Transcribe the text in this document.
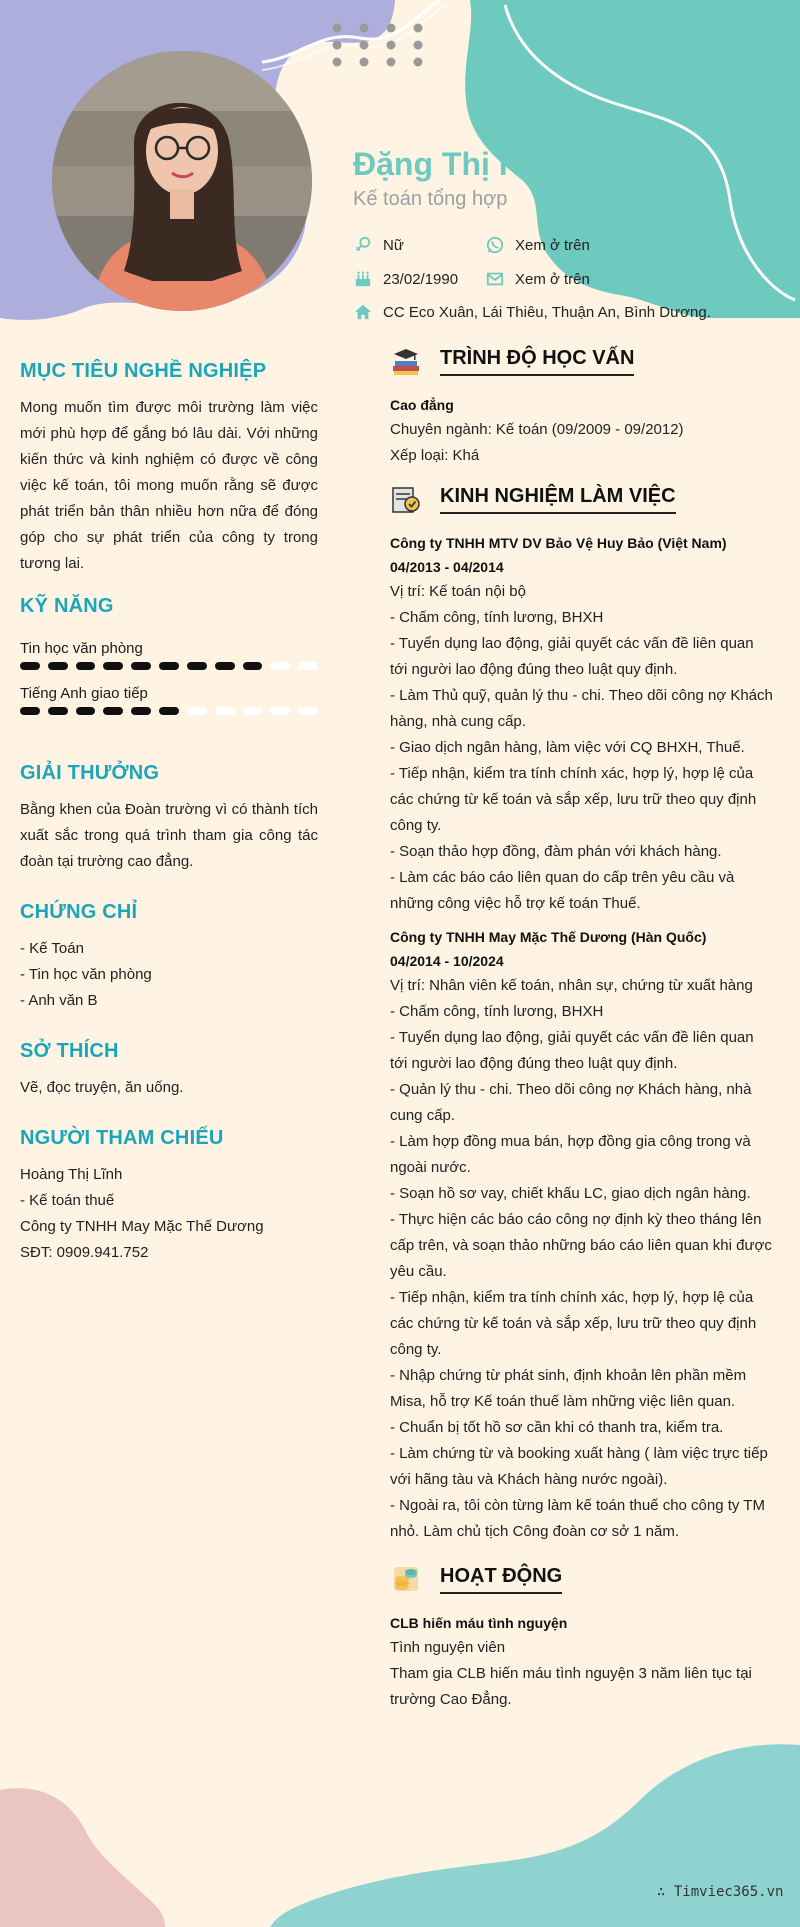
Đặng Thị Hường
Kế toán tổng hợp
Nữ	Xem ở trên
23/02/1990	Xem ở trên
CC Eco Xuân, Lái Thiêu, Thuận An, Bình Dương.
MỤC TIÊU NGHỀ NGHIỆP
Mong muốn tìm được môi trường làm việc mới phù hợp để gắng bó lâu dài. Với những kiến thức và kinh nghiệm có được về công việc kế toán, tôi mong muốn rằng sẽ được phát triển bản thân nhiều hơn nữa để đóng góp cho sự phát triển của công ty trong tương lai.
KỸ NĂNG
Tin học văn phòng
Tiếng Anh giao tiếp
GIẢI THƯỞNG
Bằng khen của Đoàn trường vì có thành tích xuất sắc trong quá trình tham gia công tác đoàn tại trường cao đẳng.
CHỨNG CHỈ
- Kế Toán
- Tin học văn phòng
- Anh văn B
SỞ THÍCH
Vẽ, đọc truyện, ăn uống.
NGƯỜI THAM CHIẾU
Hoàng Thị Lĩnh
- Kế toán thuế
Công ty TNHH May Mặc Thế Dương
SĐT: 0909.941.752
TRÌNH ĐỘ HỌC VẤN
Cao đẳng
Chuyên ngành: Kế toán (09/2009 - 09/2012)
Xếp loại: Khá
KINH NGHIỆM LÀM VIỆC
Công ty TNHH MTV DV Bảo Vệ Huy Bảo (Việt Nam)
04/2013 - 04/2014
Vị trí: Kế toán nội bộ
- Chấm công, tính lương, BHXH
- Tuyển dụng lao động, giải quyết các vấn đề liên quan tới người lao động đúng theo luật quy định.
- Làm Thủ quỹ, quản lý thu - chi. Theo dõi công nợ Khách hàng, nhà cung cấp.
- Giao dịch ngân hàng, làm việc với CQ BHXH, Thuế.
- Tiếp nhận, kiểm tra tính chính xác, hợp lý, hợp lệ của các chứng từ kế toán và sắp xếp, lưu trữ theo quy định công ty.
- Soạn thảo hợp đồng, đàm phán với khách hàng.
- Làm các báo cáo liên quan do cấp trên yêu cầu và những công việc hỗ trợ kế toán Thuế.
Công ty TNHH May Mặc Thế Dương (Hàn Quốc)
04/2014 - 10/2024
Vị trí: Nhân viên kế toán, nhân sự, chứng từ xuất hàng
- Chấm công, tính lương, BHXH
- Tuyển dụng lao động, giải quyết các vấn đề liên quan tới người lao động đúng theo luật quy định.
- Quản lý thu - chi. Theo dõi công nợ Khách hàng, nhà cung cấp.
- Làm hợp đồng mua bán, hợp đồng gia công trong và ngoài nước.
- Soạn hồ sơ vay, chiết khấu LC, giao dịch ngân hàng.
- Thực hiện các báo cáo công nợ định kỳ theo tháng lên cấp trên, và soạn thảo những báo cáo liên quan khi được yêu cầu.
- Tiếp nhận, kiểm tra tính chính xác, hợp lý, hợp lệ của các chứng từ kế toán và sắp xếp, lưu trữ theo quy định công ty.
- Nhập chứng từ phát sinh, định khoản lên phần mềm Misa, hỗ trợ Kế toán thuế làm những việc liên quan.
- Chuẩn bị tốt hồ sơ cần khi có thanh tra, kiểm tra.
- Làm chứng từ và booking xuất hàng ( làm việc trực tiếp với hãng tàu và Khách hàng nước ngoài).
- Ngoài ra, tôi còn từng làm kế toán thuế cho công ty TM nhỏ. Làm chủ tịch Công đoàn cơ sở 1 năm.
HOẠT ĐỘNG
CLB hiến máu tình nguyện
Tình nguyện viên
Tham gia CLB hiến máu tình nguyện 3 năm liên tục tại trường Cao Đẳng.
∴ Timviec365.vn
